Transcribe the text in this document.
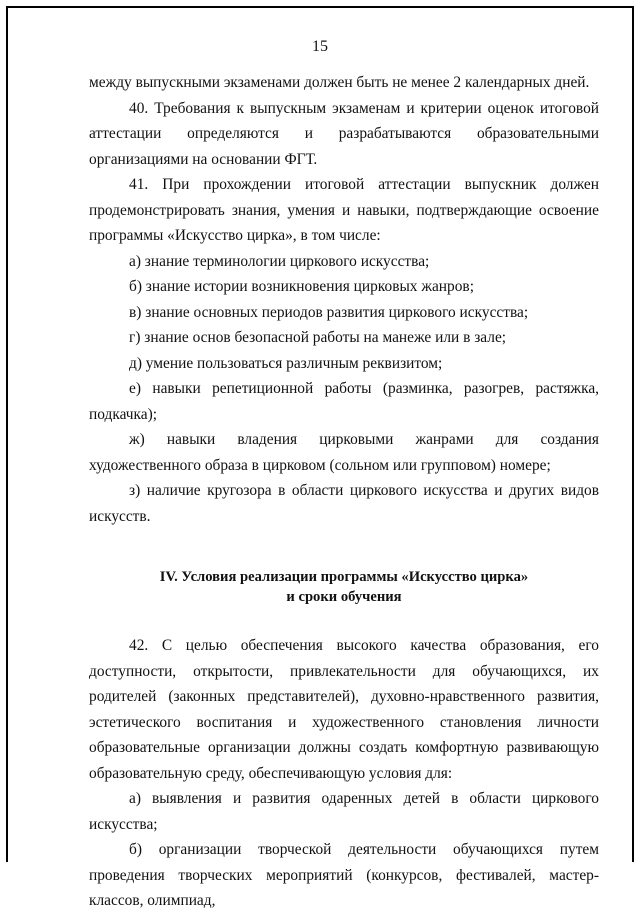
15

между выпускными экзаменами должен быть не менее 2 календарных дней.

40. Требования к выпускным экзаменам и критерии оценок итоговой аттестации определяются и разрабатываются образовательными организациями на основании ФГТ.

41. При прохождении итоговой аттестации выпускник должен продемонстрировать знания, умения и навыки, подтверждающие освоение программы «Искусство цирка», в том числе:

а) знание терминологии циркового искусства;

б) знание истории возникновения цирковых жанров;

в) знание основных периодов развития циркового искусства;

г) знание основ безопасной работы на манеже или в зале;

д) умение пользоваться различным реквизитом;

е) навыки репетиционной работы (разминка, разогрев, растяжка, подкачка);

ж) навыки владения цирковыми жанрами для создания художественного образа в цирковом (сольном или групповом) номере;

з) наличие кругозора в области циркового искусства и других видов искусств.

IV. Условия реализации программы «Искусство цирка»
и сроки обучения

42. С целью обеспечения высокого качества образования, его доступности, открытости, привлекательности для обучающихся, их родителей (законных представителей), духовно-нравственного развития, эстетического воспитания и художественного становления личности образовательные организации должны создать комфортную развивающую образовательную среду, обеспечивающую условия для:

а) выявления и развития одаренных детей в области циркового искусства;

б) организации творческой деятельности обучающихся путем проведения творческих мероприятий (конкурсов, фестивалей, мастер-классов, олимпиад,
